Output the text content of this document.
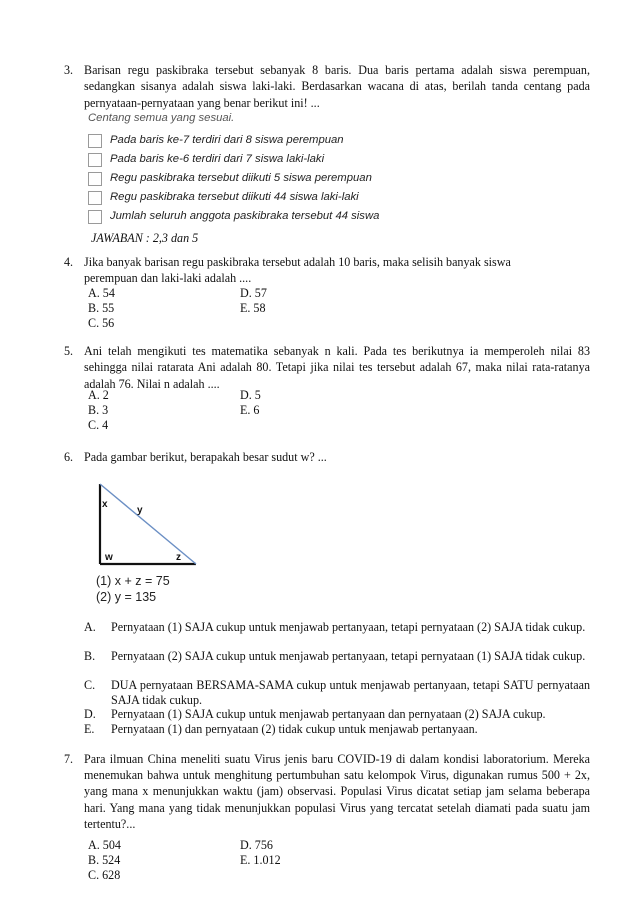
3. Barisan regu paskibraka tersebut sebanyak 8 baris. Dua baris pertama adalah siswa perempuan, sedangkan sisanya adalah siswa laki-laki. Berdasarkan wacana di atas, berilah tanda centang pada pernyataan-pernyataan yang benar berikut ini! ...
Centang semua yang sesuai.
Pada baris ke-7 terdiri dari 8 siswa perempuan
Pada baris ke-6 terdiri dari 7 siswa laki-laki
Regu paskibraka tersebut diikuti 5 siswa perempuan
Regu paskibraka tersebut diikuti 44 siswa laki-laki
Jumlah seluruh anggota paskibraka tersebut 44 siswa
JAWABAN : 2,3 dan 5
4. Jika banyak barisan regu paskibraka tersebut adalah 10 baris, maka selisih banyak siswa perempuan dan laki-laki adalah ....
A. 54
B. 55
C. 56
D. 57
E. 58
5. Ani telah mengikuti tes matematika sebanyak n kali. Pada tes berikutnya ia memperoleh nilai 83 sehingga nilai ratarata Ani adalah 80. Tetapi jika nilai tes tersebut adalah 67, maka nilai rata-ratanya adalah 76. Nilai n adalah ....
A. 2
B. 3
C. 4
D. 5
E. 6
6. Pada gambar berikut, berapakah besar sudut w? ...
x
y
w	z
(1) x + z = 75
(2) y = 135
A. Pernyataan (1) SAJA cukup untuk menjawab pertanyaan, tetapi pernyataan (2) SAJA tidak cukup.
B. Pernyataan (2) SAJA cukup untuk menjawab pertanyaan, tetapi pernyataan (1) SAJA tidak cukup.
C. DUA pernyataan BERSAMA-SAMA cukup untuk menjawab pertanyaan, tetapi SATU pernyataan SAJA tidak cukup.
D. Pernyataan (1) SAJA cukup untuk menjawab pertanyaan dan pernyataan (2) SAJA cukup.
E. Pernyataan (1) dan pernyataan (2) tidak cukup untuk menjawab pertanyaan.
7. Para ilmuan China meneliti suatu Virus jenis baru COVID-19 di dalam kondisi laboratorium. Mereka menemukan bahwa untuk menghitung pertumbuhan satu kelompok Virus, digunakan rumus 500 + 2x, yang mana x menunjukkan waktu (jam) observasi. Populasi Virus dicatat setiap jam selama beberapa hari. Yang mana yang tidak menunjukkan populasi Virus yang tercatat setelah diamati pada suatu jam tertentu?...
A. 504
B. 524
C. 628
D. 756
E. 1.012
